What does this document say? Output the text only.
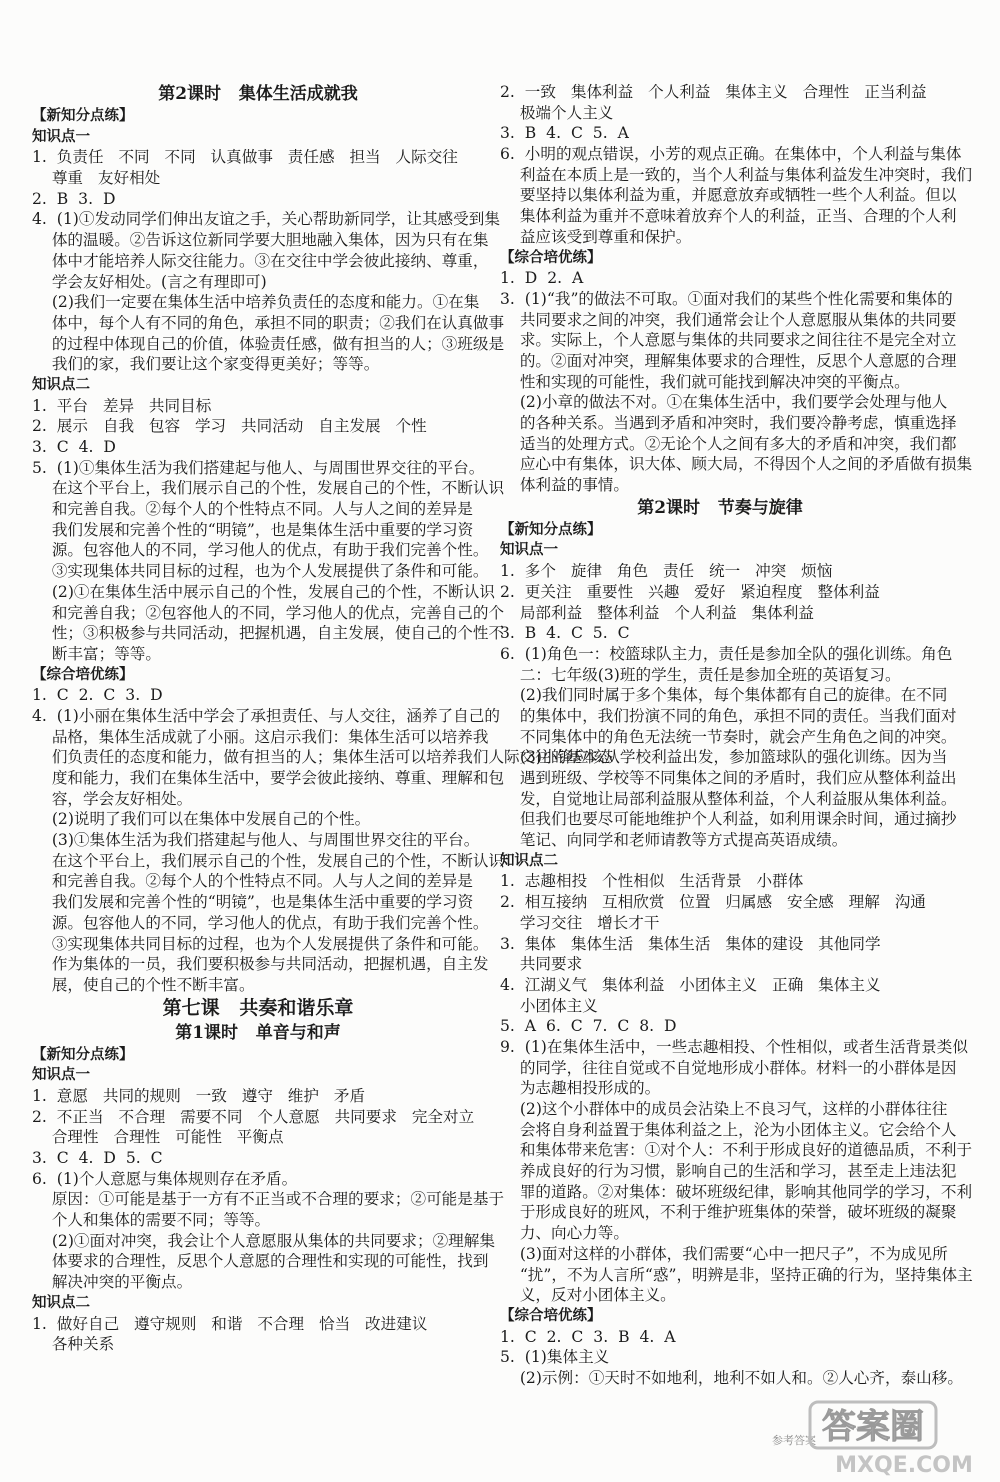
第2课时   集体生活成就我
【新知分点练】
知识点一
1.  负责任   不同   不同   认真做事   责任感   担当   人际交往
尊重   友好相处
2.  B  3.  D
4.  (1)①发动同学们伸出友谊之手，关心帮助新同学，让其感受到集
体的温暖。②告诉这位新同学要大胆地融入集体，因为只有在集
体中才能培养人际交往能力。③在交往中学会彼此接纳、尊重，
学会友好相处。(言之有理即可)
(2)我们一定要在集体生活中培养负责任的态度和能力。①在集
体中，每个人有不同的角色，承担不同的职责；②我们在认真做事
的过程中体现自己的价值，体验责任感，做有担当的人；③班级是
我们的家，我们要让这个家变得更美好；等等。
知识点二
1.  平台   差异   共同目标
2.  展示   自我   包容   学习   共同活动   自主发展   个性
3.  C  4.  D
5.  (1)①集体生活为我们搭建起与他人、与周围世界交往的平台。
在这个平台上，我们展示自己的个性，发展自己的个性，不断认识
和完善自我。②每个人的个性特点不同。人与人之间的差异是
我们发展和完善个性的“明镜”，也是集体生活中重要的学习资
源。包容他人的不同，学习他人的优点，有助于我们完善个性。
③实现集体共同目标的过程，也为个人发展提供了条件和可能。
(2)①在集体生活中展示自己的个性，发展自己的个性，不断认识
和完善自我；②包容他人的不同，学习他人的优点，完善自己的个
性；③积极参与共同活动，把握机遇，自主发展，使自己的个性不
断丰富；等等。
【综合培优练】
1.  C  2.  C  3.  D
4.  (1)小丽在集体生活中学会了承担责任、与人交往，涵养了自己的
品格，集体生活成就了小丽。这启示我们：集体生活可以培养我
们负责任的态度和能力，做有担当的人；集体生活可以培养我们人际交往的基本态
度和能力，我们在集体生活中，要学会彼此接纳、尊重、理解和包
容，学会友好相处。
(2)说明了我们可以在集体中发展自己的个性。
(3)①集体生活为我们搭建起与他人、与周围世界交往的平台。
在这个平台上，我们展示自己的个性，发展自己的个性，不断认识
和完善自我。②每个人的个性特点不同。人与人之间的差异是
我们发展和完善个性的“明镜”，也是集体生活中重要的学习资
源。包容他人的不同，学习他人的优点，有助于我们完善个性。
③实现集体共同目标的过程，也为个人发展提供了条件和可能。
作为集体的一员，我们要积极参与共同活动，把握机遇，自主发
展，使自己的个性不断丰富。
第七课   共奏和谐乐章
第1课时   单音与和声
【新知分点练】
知识点一
1.  意愿   共同的规则   一致   遵守   维护   矛盾
2.  不正当   不合理   需要不同   个人意愿   共同要求   完全对立
合理性   合理性   可能性   平衡点
3.  C  4.  D  5.  C
6.  (1)个人意愿与集体规则存在矛盾。
原因：①可能是基于一方有不正当或不合理的要求；②可能是基于
个人和集体的需要不同；等等。
(2)①面对冲突，我会让个人意愿服从集体的共同要求；②理解集
体要求的合理性，反思个人意愿的合理性和实现的可能性，找到
解决冲突的平衡点。
知识点二
1.  做好自己   遵守规则   和谐   不合理   恰当   改进建议
各种关系
2.  一致   集体利益   个人利益   集体主义   合理性   正当利益
极端个人主义
3.  B  4.  C  5.  A
6.  小明的观点错误，小芳的观点正确。在集体中，个人利益与集体
利益在本质上是一致的，当个人利益与集体利益发生冲突时，我们
要坚持以集体利益为重，并愿意放弃或牺牲一些个人利益。但以
集体利益为重并不意味着放弃个人的利益，正当、合理的个人利
益应该受到尊重和保护。
【综合培优练】
1.  D  2.  A
3.  (1)“我”的做法不可取。①面对我们的某些个性化需要和集体的
共同要求之间的冲突，我们通常会让个人意愿服从集体的共同要
求。实际上，个人意愿与集体的共同要求之间往往不是完全对立
的。②面对冲突，理解集体要求的合理性，反思个人意愿的合理
性和实现的可能性，我们就可能找到解决冲突的平衡点。
(2)小章的做法不对。①在集体生活中，我们要学会处理与他人
的各种关系。当遇到矛盾和冲突时，我们要冷静考虑，慎重选择
适当的处理方式。②无论个人之间有多大的矛盾和冲突，我们都
应心中有集体，识大体、顾大局，不得因个人之间的矛盾做有损集
体利益的事情。
第2课时   节奏与旋律
【新知分点练】
知识点一
1.  多个   旋律   角色   责任   统一   冲突   烦恼
2.  更关注   重要性   兴趣   爱好   紧迫程度   整体利益
局部利益   整体利益   个人利益   集体利益
3.  B  4.  C  5.  C
6.  (1)角色一：校篮球队主力，责任是参加全队的强化训练。角色
二：七年级(3)班的学生，责任是参加全班的英语复习。
(2)我们同时属于多个集体，每个集体都有自己的旋律。在不同
的集体中，我们扮演不同的角色，承担不同的责任。当我们面对
不同集体中的角色无法统一节奏时，就会产生角色之间的冲突。
(3)小锋应该从学校利益出发，参加篮球队的强化训练。因为当
遇到班级、学校等不同集体之间的矛盾时，我们应从整体利益出
发，自觉地让局部利益服从整体利益，个人利益服从集体利益。
但我们也要尽可能地维护个人利益，如利用课余时间，通过摘抄
笔记、向同学和老师请教等方式提高英语成绩。
知识点二
1.  志趣相投   个性相似   生活背景   小群体
2.  相互接纳   互相欣赏   位置   归属感   安全感   理解   沟通
学习交往   增长才干
3.  集体   集体生活   集体生活   集体的建设   其他同学
共同要求
4.  江湖义气   集体利益   小团体主义   正确   集体主义
小团体主义
5.  A  6.  C  7.  C  8.  D
9.  (1)在集体生活中，一些志趣相投、个性相似，或者生活背景类似
的同学，往往自觉或不自觉地形成小群体。材料一的小群体是因
为志趣相投形成的。
(2)这个小群体中的成员会沾染上不良习气，这样的小群体往往
会将自身利益置于集体利益之上，沦为小团体主义。它会给个人
和集体带来危害：①对个人：不利于形成良好的道德品质，不利于
养成良好的行为习惯，影响自己的生活和学习，甚至走上违法犯
罪的道路。②对集体：破坏班级纪律，影响其他同学的学习，不利
于形成良好的班风，不利于维护班集体的荣誉，破坏班级的凝聚
力、向心力等。
(3)面对这样的小群体，我们需要“心中一把尺子”，不为成见所
“扰”，不为人言所“惑”，明辨是非，坚持正确的行为，坚持集体主
义，反对小团体主义。
【综合培优练】
1.  C  2.  C  3.  B  4.  A
5.  (1)集体主义
(2)示例：①天时不如地利，地利不如人和。②人心齐，泰山移。
参考答案 答案圈
MXQE.COM
